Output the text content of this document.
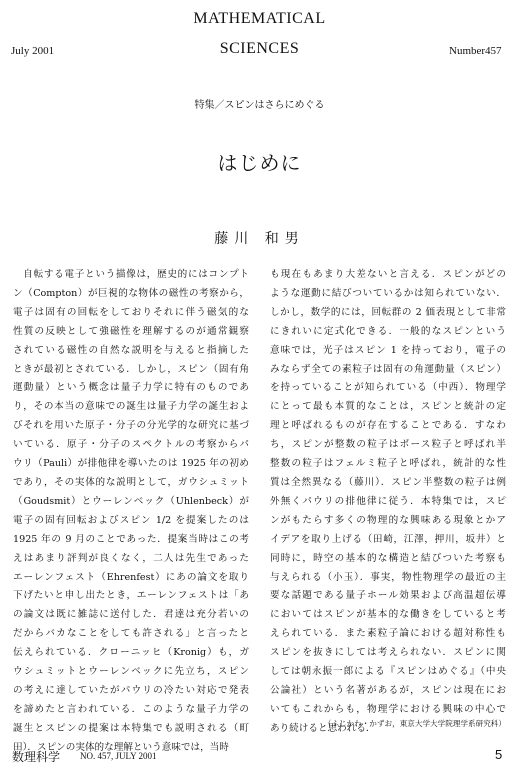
MATHEMATICAL
SCIENCES
July 2001	Number457
特集／スピンはさらにめぐる
はじめに
藤川 和男
　自転する電子という描像は，歴史的にはコンプト
ン（Compton）が巨視的な物体の磁性の考察から，
電子は固有の回転をしておりそれに伴う磁気的な
性質の反映として強磁性を理解するのが通常観察
されている磁性の自然な説明を与えると指摘した
ときが最初とされている．しかし，スピン（固有角
運動量）という概念は量子力学に特有のものであ
り，その本当の意味での誕生は量子力学の誕生およ
びそれを用いた原子・分子の分光学的な研究に基づ
いている．原子・分子のスペクトルの考察からパ
ウリ（Pauli）が排他律を導いたのは 1925 年の初め
であり，その実体的な説明として，ガウシュミット
（Goudsmit）とウーレンベック（Uhlenbeck）が
電子の固有回転およびスピン 1/2 を提案したのは
1925 年の 9 月のことであった．提案当時はこの考
えはあまり評判が良くなく，二人は先生であった
エーレンフェスト（Ehrenfest）にあの論文を取り
下げたいと申し出たとき，エーレンフェストは「あ
の論文は既に雑誌に送付した．君達は充分若いの
だからバカなことをしても許される」と言ったと
伝えられている．クローニッヒ（Kronig）も，ガ
ウシュミットとウーレンベックに先立ち，スピン
の考えに達していたがパウリの冷たい対応で発表
を諦めたと言われている．このような量子力学の
誕生とスピンの提案は本特集でも説明される（町
田）．スピンの実体的な理解という意味では，当時
も現在もあまり大差ないと言える．スピンがどの
ような運動に結びついているかは知られていない．
しかし，数学的には，回転群の 2 価表現として非常
にきれいに定式化できる．一般的なスピンという
意味では，光子はスピン 1 を持っており，電子の
みならず全ての素粒子は固有の角運動量（スピン）
を持っていることが知られている（中西）．物理学
にとって最も本質的なことは，スピンと統計の定
理と呼ばれるものが存在することである．すなわ
ち，スピンが整数の粒子はボース粒子と呼ばれ半
整数の粒子はフェルミ粒子と呼ばれ，統計的な性
質は全然異なる（藤川）．スピン半整数の粒子は例
外無くパウリの排他律に従う．本特集では，スピ
ンがもたらす多くの物理的な興味ある現象とかア
イデアを取り上げる（田崎，江澤，押川，坂井）と
同時に，時空の基本的な構造と結びついた考察も
与えられる（小玉）．事実，物性物理学の最近の主
要な話題である量子ホール効果および高温超伝導
においてはスピンが基本的な働きをしていると考
えられている．また素粒子論における超対称性も
スピンを抜きにしては考えられない．スピンに関
しては朝永振一郎による『スピンはめぐる』（中央
公論社）という名著があるが，スピンは現在にお
いてもこれからも，物理学における興味の中心で
あり続けると思われる．
（ふじかわ・かずお，東京大学大学院理学系研究科）
数理科学 NO. 457, JULY 2001	5
